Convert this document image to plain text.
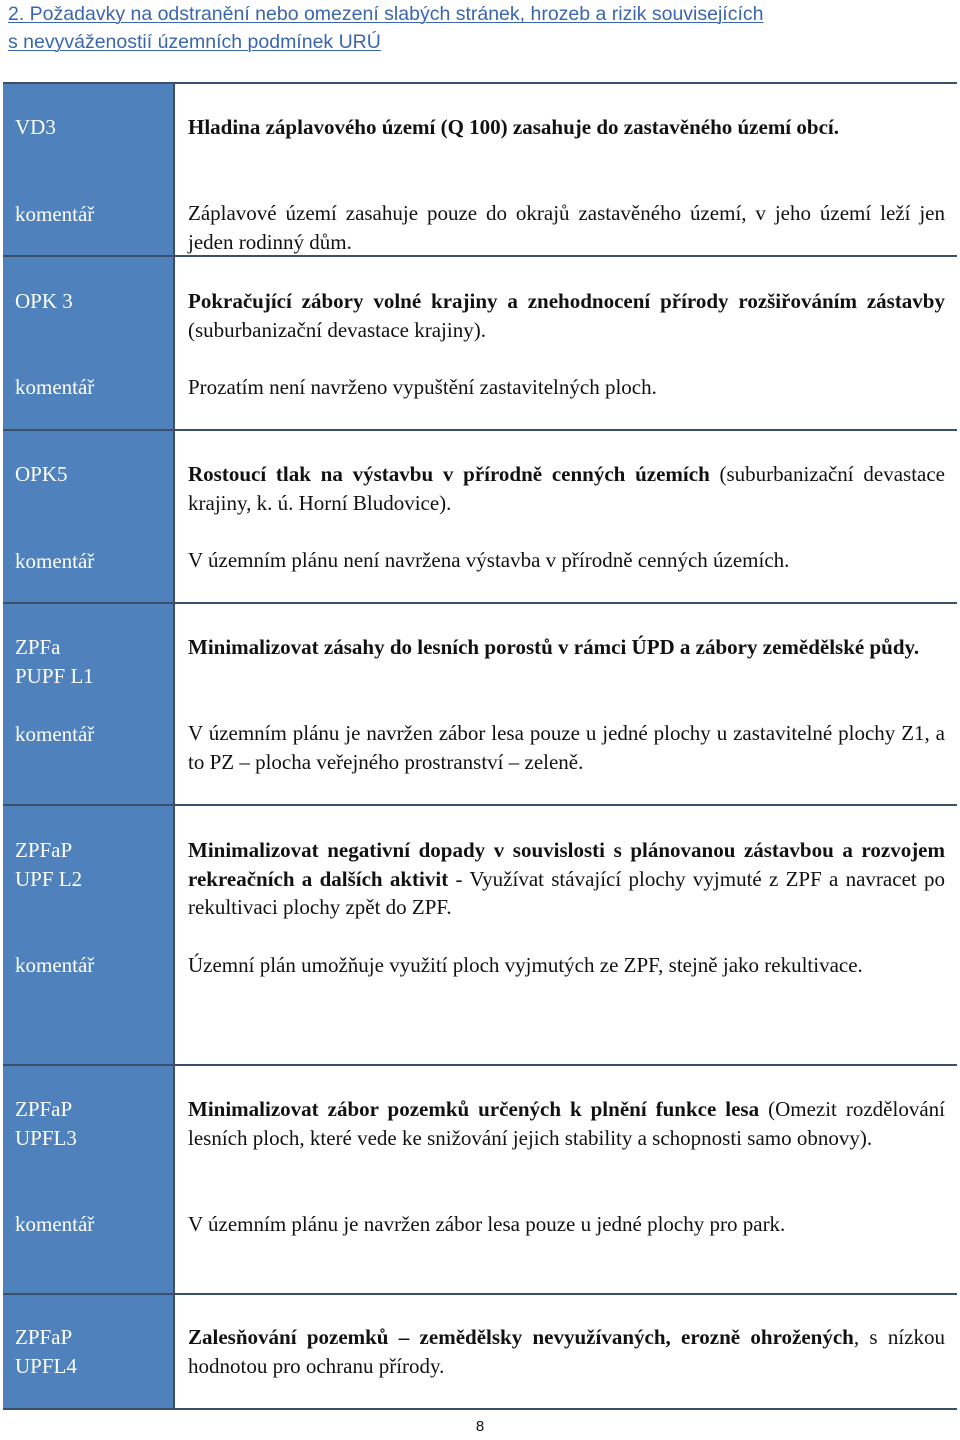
2. Požadavky na odstranění nebo omezení slabých stránek, hrozeb a rizik souvisejících
s nevyváženostií územních podmínek URÚ
VD3
komentář
Hladina záplavového území (Q 100) zasahuje do zastavěného území obcí.
Záplavové území zasahuje pouze do okrajů zastavěného území, v jeho území leží jen jeden rodinný dům.
OPK 3
komentář
Pokračující zábory volné krajiny a znehodnocení přírody rozšiřováním zástavby (suburbanizační devastace krajiny).
Prozatím není navrženo vypuštění zastavitelných ploch.
OPK5
komentář
Rostoucí tlak na výstavbu v přírodně cenných územích (suburbanizační devastace krajiny, k. ú. Horní Bludovice).
V územním plánu není navržena výstavba v přírodně cenných územích.
ZPFa
PUPF L1
komentář
Minimalizovat zásahy do lesních porostů v rámci ÚPD a zábory zemědělské půdy.
V územním plánu je navržen zábor lesa pouze u jedné plochy u zastavitelné plochy Z1, a to PZ – plocha veřejného prostranství – zeleně.
ZPFaP
UPF L2
komentář
Minimalizovat negativní dopady v souvislosti s plánovanou zástavbou a rozvojem rekreačních a dalších aktivit - Využívat stávající plochy vyjmuté z ZPF a navracet po rekultivaci plochy zpět do ZPF.
Územní plán umožňuje využití ploch vyjmutých ze ZPF, stejně jako rekultivace.
ZPFaP
UPFL3
komentář
Minimalizovat zábor pozemků určených k plnění funkce lesa (Omezit rozdělování lesních ploch, které vede ke snižování jejich stability a schopnosti samo obnovy).
V územním plánu je navržen zábor lesa pouze u jedné plochy pro park.
ZPFaP
UPFL4
Zalesňování pozemků – zemědělsky nevyužívaných, erozně ohrožených, s nízkou hodnotou pro ochranu přírody.
8
